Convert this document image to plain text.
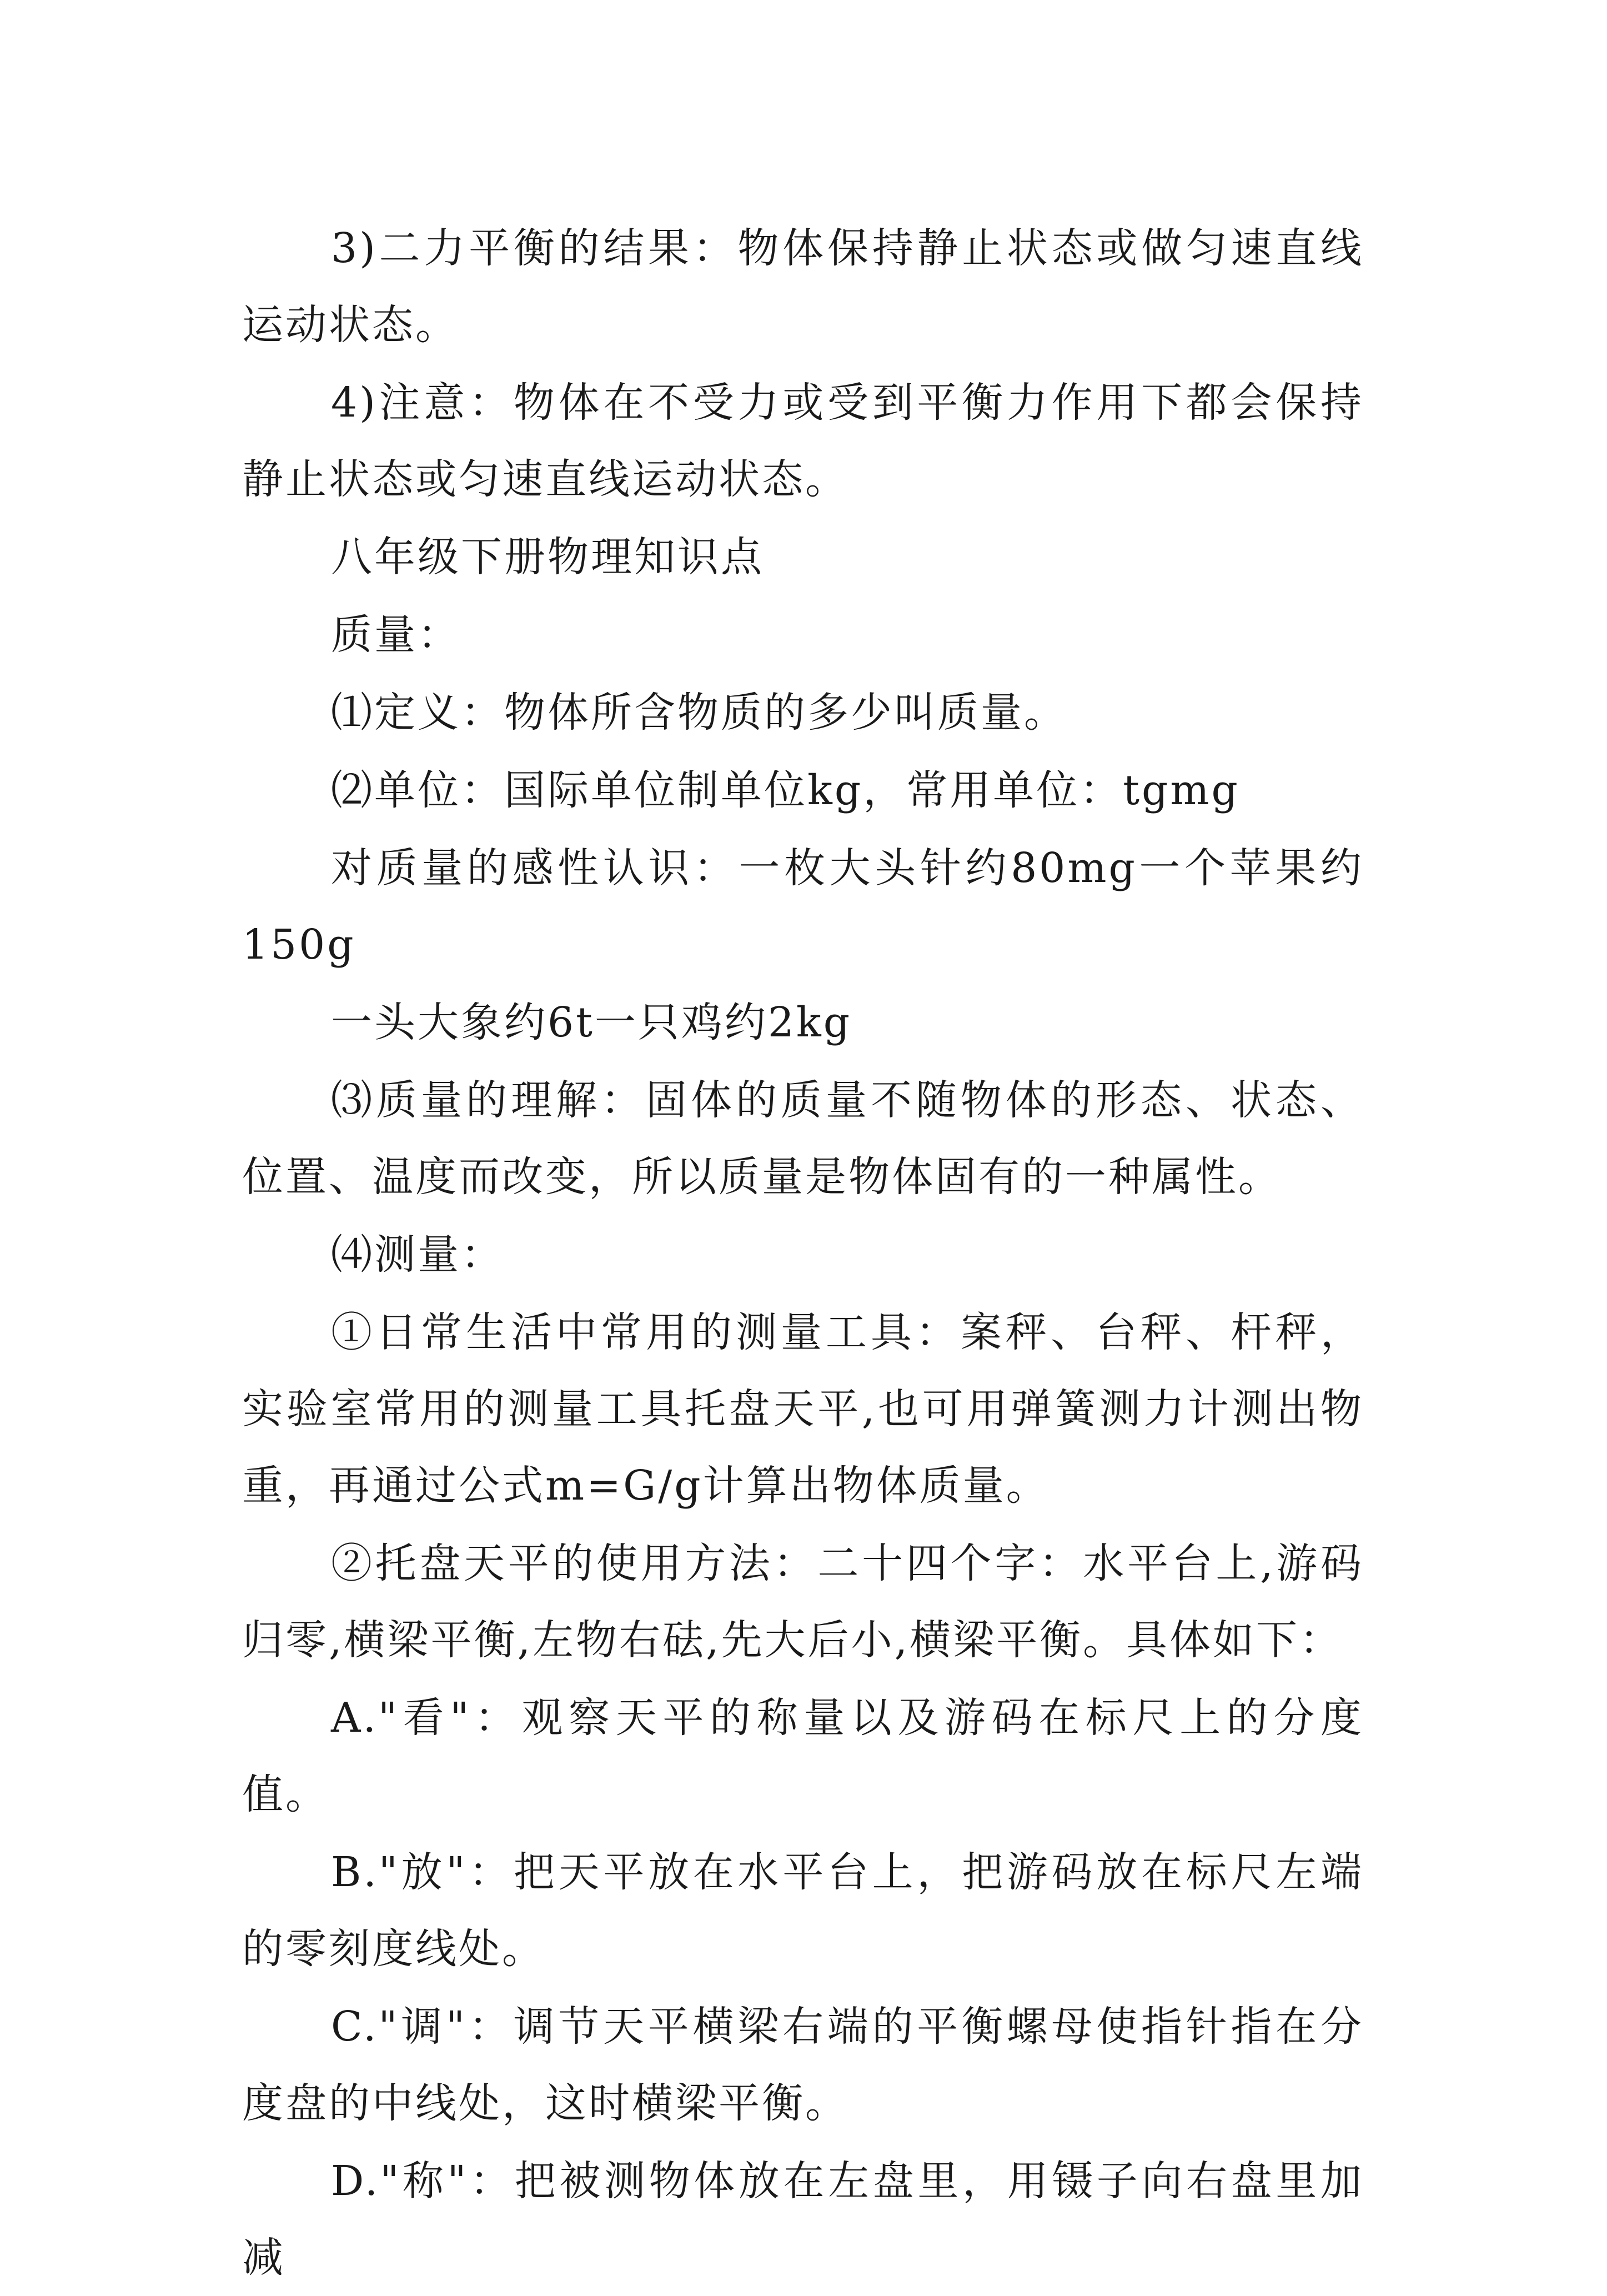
3)二力平衡的结果：物体保持静止状态或做匀速直线运动状态。

4)注意：物体在不受力或受到平衡力作用下都会保持静止状态或匀速直线运动状态。

八年级下册物理知识点

质量：

⑴定义：物体所含物质的多少叫质量。

⑵单位：国际单位制单位kg，常用单位：tgmg

对质量的感性认识：一枚大头针约80mg一个苹果约150g

一头大象约6t一只鸡约2kg

⑶质量的理解：固体的质量不随物体的形态、状态、位置、温度而改变，所以质量是物体固有的一种属性。

⑷测量：

①日常生活中常用的测量工具：案秤、台秤、杆秤，实验室常用的测量工具托盘天平,也可用弹簧测力计测出物重，再通过公式m=G/g计算出物体质量。

②托盘天平的使用方法：二十四个字：水平台上,游码归零,横梁平衡,左物右砝,先大后小,横梁平衡。具体如下：

A."看"：观察天平的称量以及游码在标尺上的分度值。

B."放"：把天平放在水平台上，把游码放在标尺左端的零刻度线处。

C."调"：调节天平横梁右端的平衡螺母使指针指在分度盘的中线处，这时横梁平衡。

D."称"：把被测物体放在左盘里，用镊子向右盘里加减
